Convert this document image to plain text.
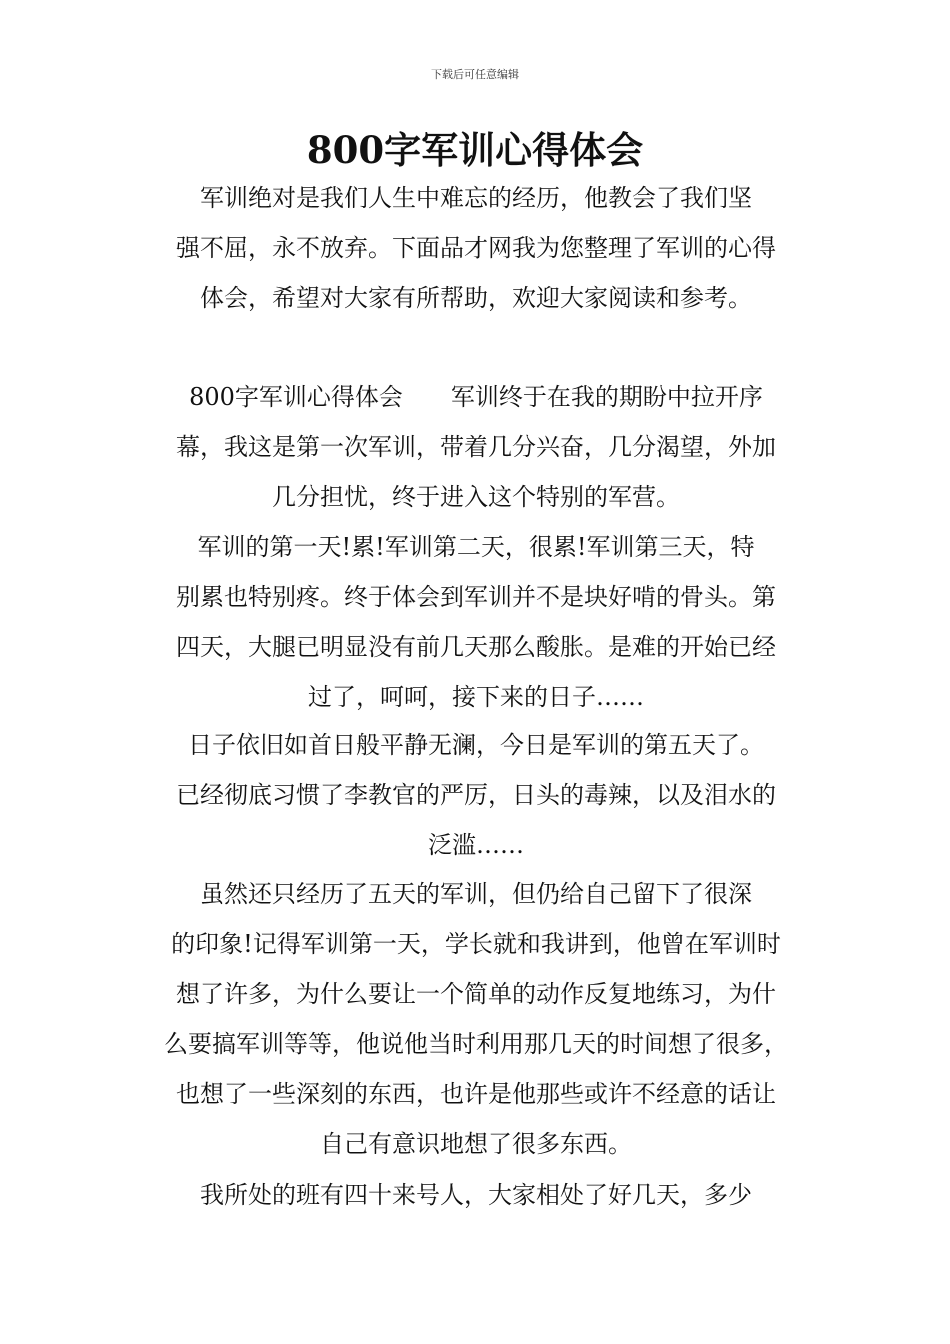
下载后可任意编辑
800字军训心得体会
军训绝对是我们人生中难忘的经历，他教会了我们坚
强不屈，永不放弃。下面品才网我为您整理了军训的心得
体会，希望对大家有所帮助，欢迎大家阅读和参考。
800字军训心得体会　　军训终于在我的期盼中拉开序
幕，我这是第一次军训，带着几分兴奋，几分渴望，外加
几分担忧，终于进入这个特别的军营。
军训的第一天!累!军训第二天，很累!军训第三天，特
别累也特别疼。终于体会到军训并不是块好啃的骨头。第
四天，大腿已明显没有前几天那么酸胀。是难的开始已经
过了，呵呵，接下来的日子……
日子依旧如首日般平静无澜，今日是军训的第五天了。
已经彻底习惯了李教官的严厉，日头的毒辣，以及泪水的
泛滥……
虽然还只经历了五天的军训，但仍给自己留下了很深
的印象!记得军训第一天，学长就和我讲到，他曾在军训时
想了许多，为什么要让一个简单的动作反复地练习，为什
么要搞军训等等，他说他当时利用那几天的时间想了很多，
也想了一些深刻的东西，也许是他那些或许不经意的话让
自己有意识地想了很多东西。
我所处的班有四十来号人，大家相处了好几天，多少
